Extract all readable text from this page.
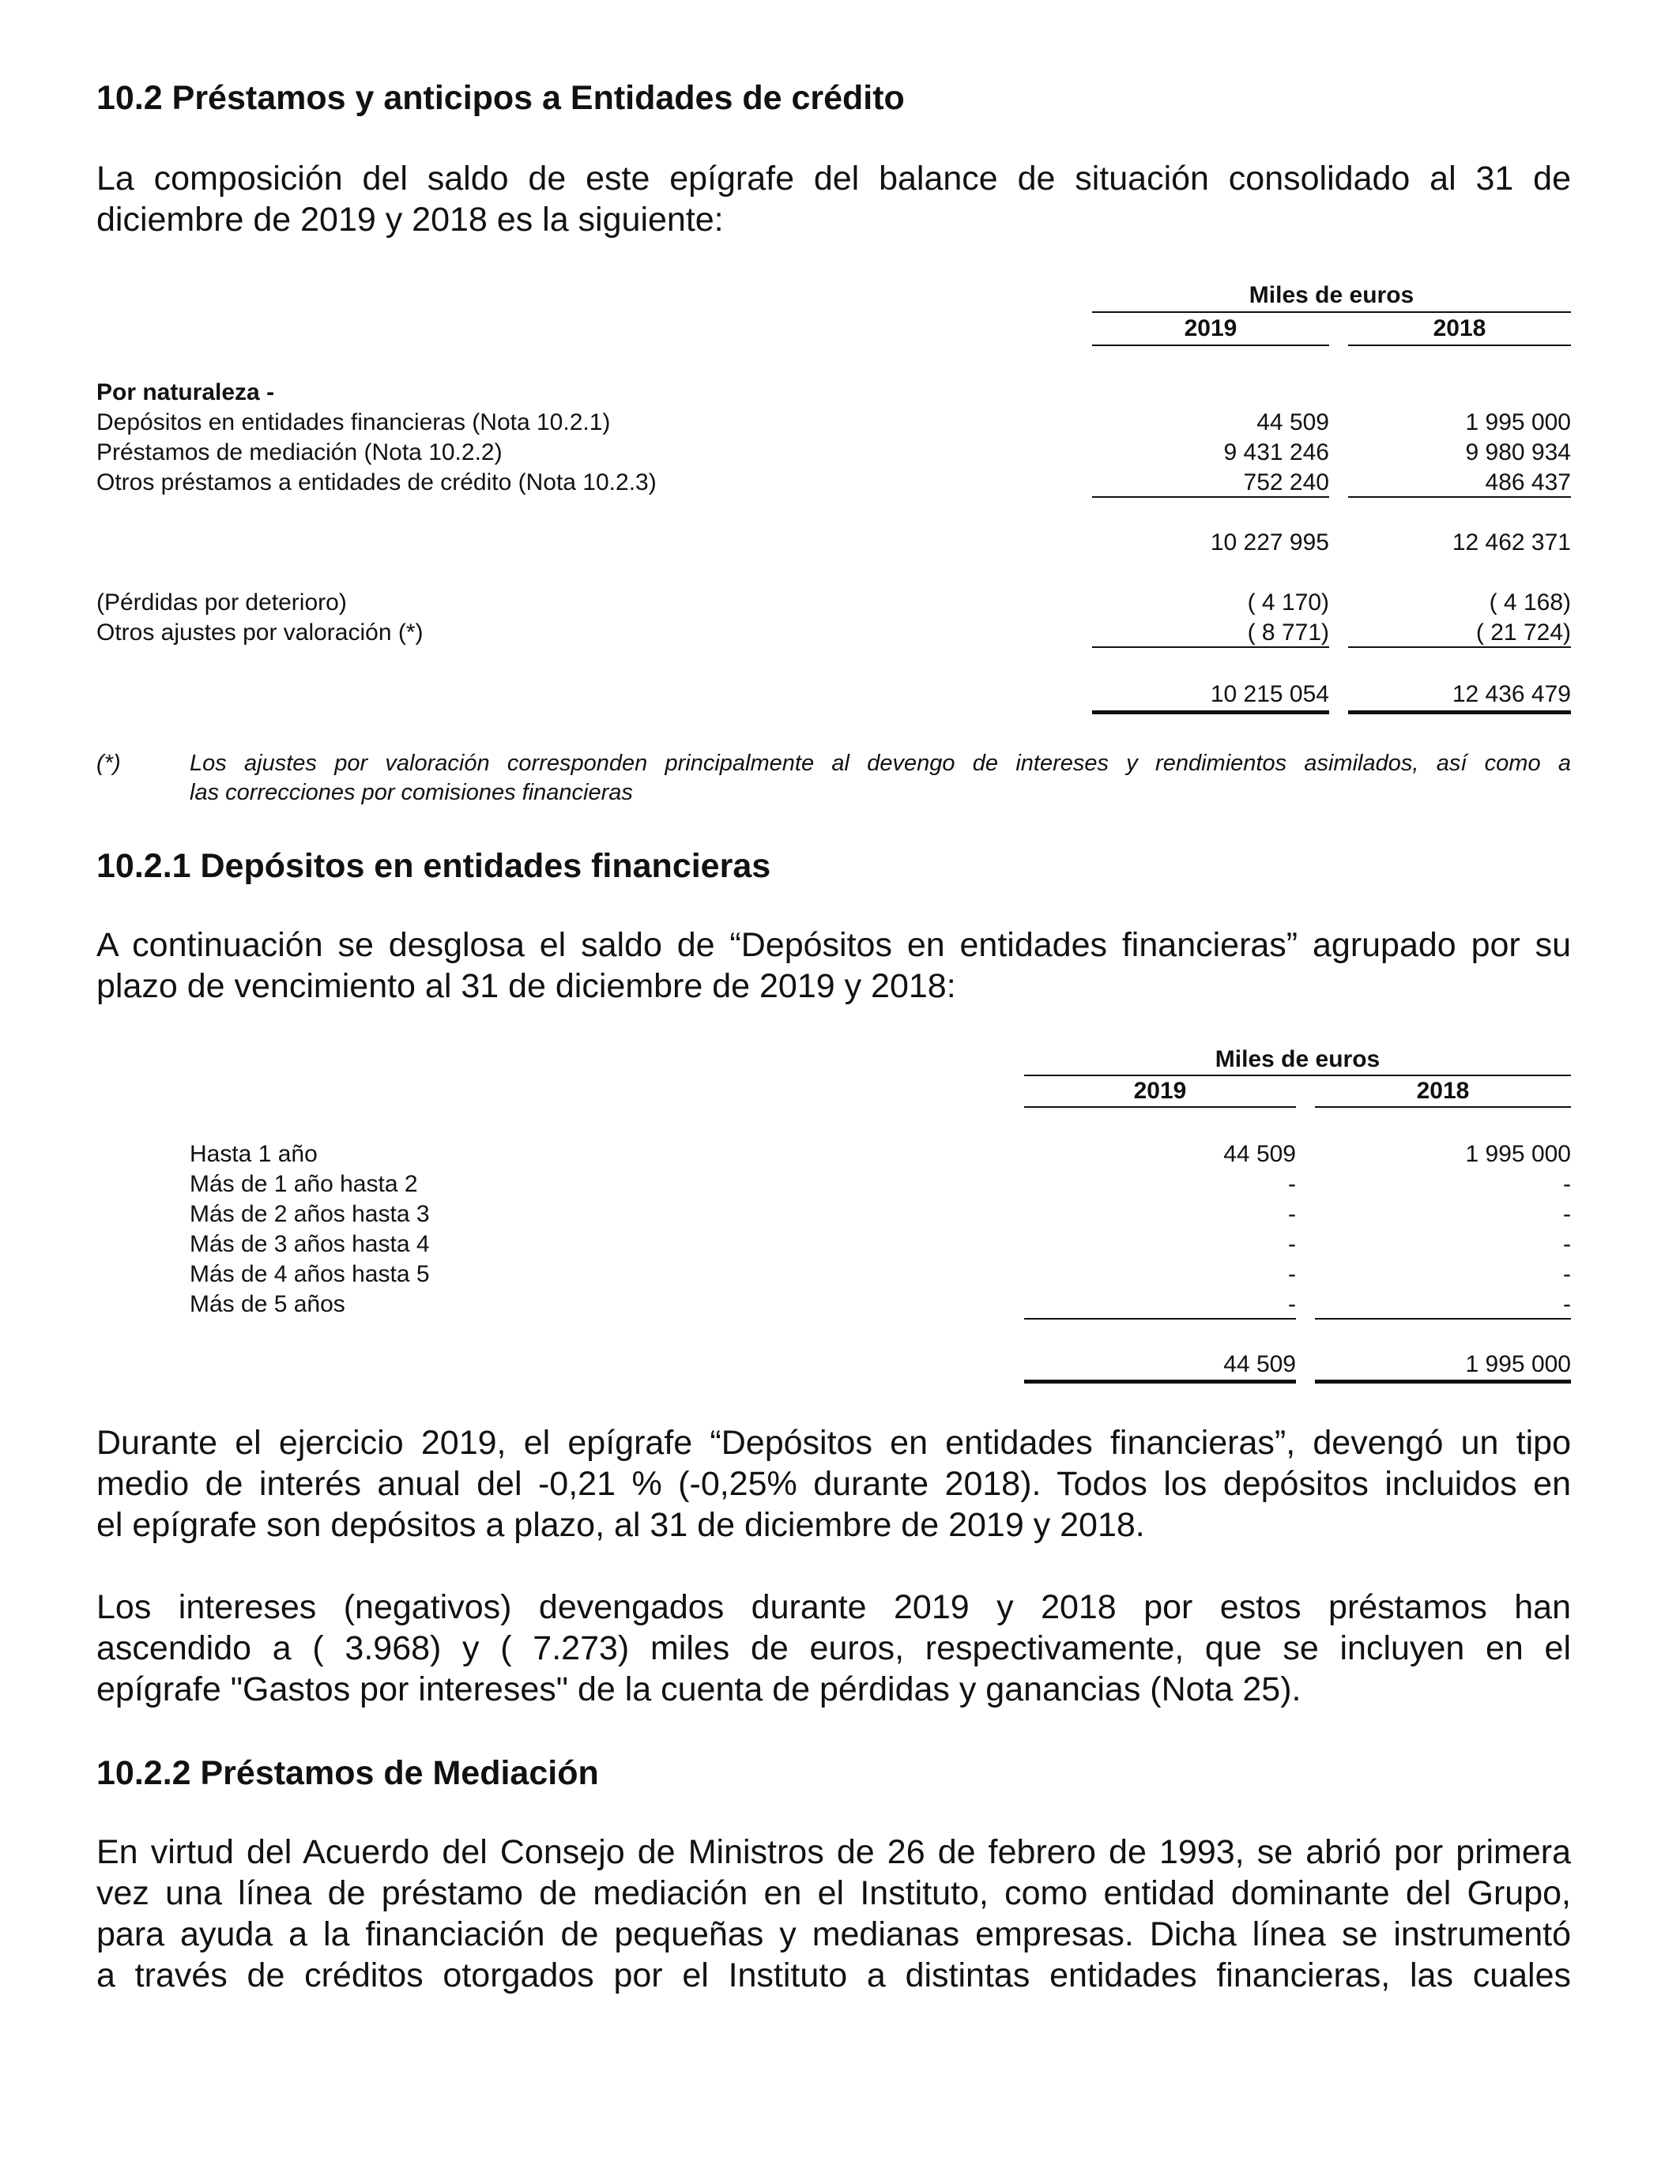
10.2 Préstamos y anticipos a Entidades de crédito
La composición del saldo de este epígrafe del balance de situación consolidado al 31 de
diciembre de 2019 y 2018 es la siguiente:
Miles de euros
2019	2018
Por naturaleza -
Depósitos en entidades financieras (Nota 10.2.1)	44 509	1 995 000
Préstamos de mediación (Nota 10.2.2)	9 431 246	9 980 934
Otros préstamos a entidades de crédito (Nota 10.2.3)	752 240	486 437
10 227 995	12 462 371
(Pérdidas por deterioro)	( 4 170)	( 4 168)
Otros ajustes por valoración (*)	( 8 771)	( 21 724)
10 215 054	12 436 479
(*)	Los ajustes por valoración corresponden principalmente al devengo de intereses y rendimientos asimilados, así como a
las correcciones por comisiones financieras
10.2.1 Depósitos en entidades financieras
A continuación se desglosa el saldo de “Depósitos en entidades financieras” agrupado por su
plazo de vencimiento al 31 de diciembre de 2019 y 2018:
Miles de euros
2019	2018
Hasta 1 año	44 509	1 995 000
Más de 1 año hasta 2	-	-
Más de 2 años hasta 3	-	-
Más de 3 años hasta 4	-	-
Más de 4 años hasta 5	-	-
Más de 5 años	-	-
44 509	1 995 000
Durante el ejercicio 2019, el epígrafe “Depósitos en entidades financieras”, devengó un tipo
medio de interés anual del -0,21 % (-0,25% durante 2018). Todos los depósitos incluidos en
el epígrafe son depósitos a plazo, al 31 de diciembre de 2019 y 2018.
Los intereses (negativos) devengados durante 2019 y 2018 por estos préstamos han
ascendido a ( 3.968) y ( 7.273) miles de euros, respectivamente, que se incluyen en el
epígrafe "Gastos por intereses" de la cuenta de pérdidas y ganancias (Nota 25).
10.2.2 Préstamos de Mediación
En virtud del Acuerdo del Consejo de Ministros de 26 de febrero de 1993, se abrió por primera
vez una línea de préstamo de mediación en el Instituto, como entidad dominante del Grupo,
para ayuda a la financiación de pequeñas y medianas empresas. Dicha línea se instrumentó
a través de créditos otorgados por el Instituto a distintas entidades financieras, las cuales
